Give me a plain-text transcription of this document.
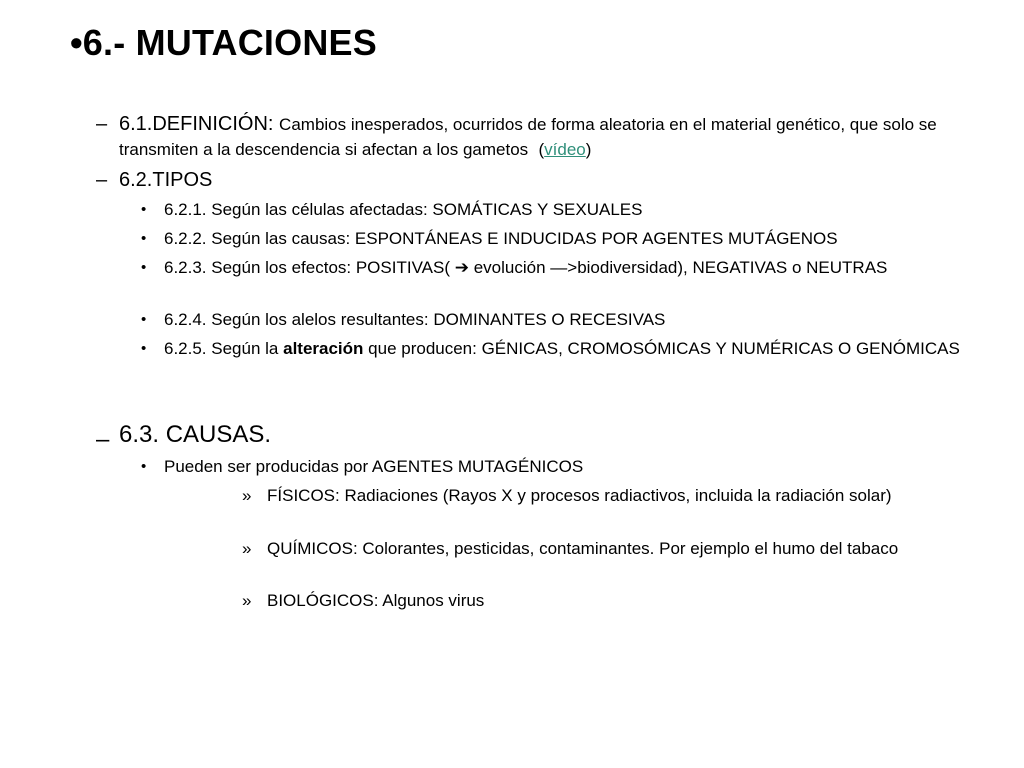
•6.- MUTACIONES
– 6.1.DEFINICIÓN: Cambios inesperados, ocurridos de forma aleatoria en el material genético, que solo se transmiten a la descendencia si afectan a los gametos (vídeo)
– 6.2.TIPOS
• 6.2.1. Según las células afectadas: SOMÁTICAS Y SEXUALES
• 6.2.2. Según las causas: ESPONTÁNEAS E INDUCIDAS POR AGENTES MUTÁGENOS
• 6.2.3. Según los efectos: POSITIVAS( ➔ evolución —>biodiversidad), NEGATIVAS o NEUTRAS
• 6.2.4. Según los alelos resultantes: DOMINANTES O RECESIVAS
• 6.2.5. Según la alteración que producen: GÉNICAS, CROMOSÓMICAS Y NUMÉRICAS O GENÓMICAS
– 6.3. CAUSAS.
• Pueden ser producidas por AGENTES MUTAGÉNICOS
» FÍSICOS: Radiaciones (Rayos X y procesos radiactivos, incluida la radiación solar)
» QUÍMICOS: Colorantes, pesticidas, contaminantes. Por ejemplo el humo del tabaco
» BIOLÓGICOS: Algunos virus
